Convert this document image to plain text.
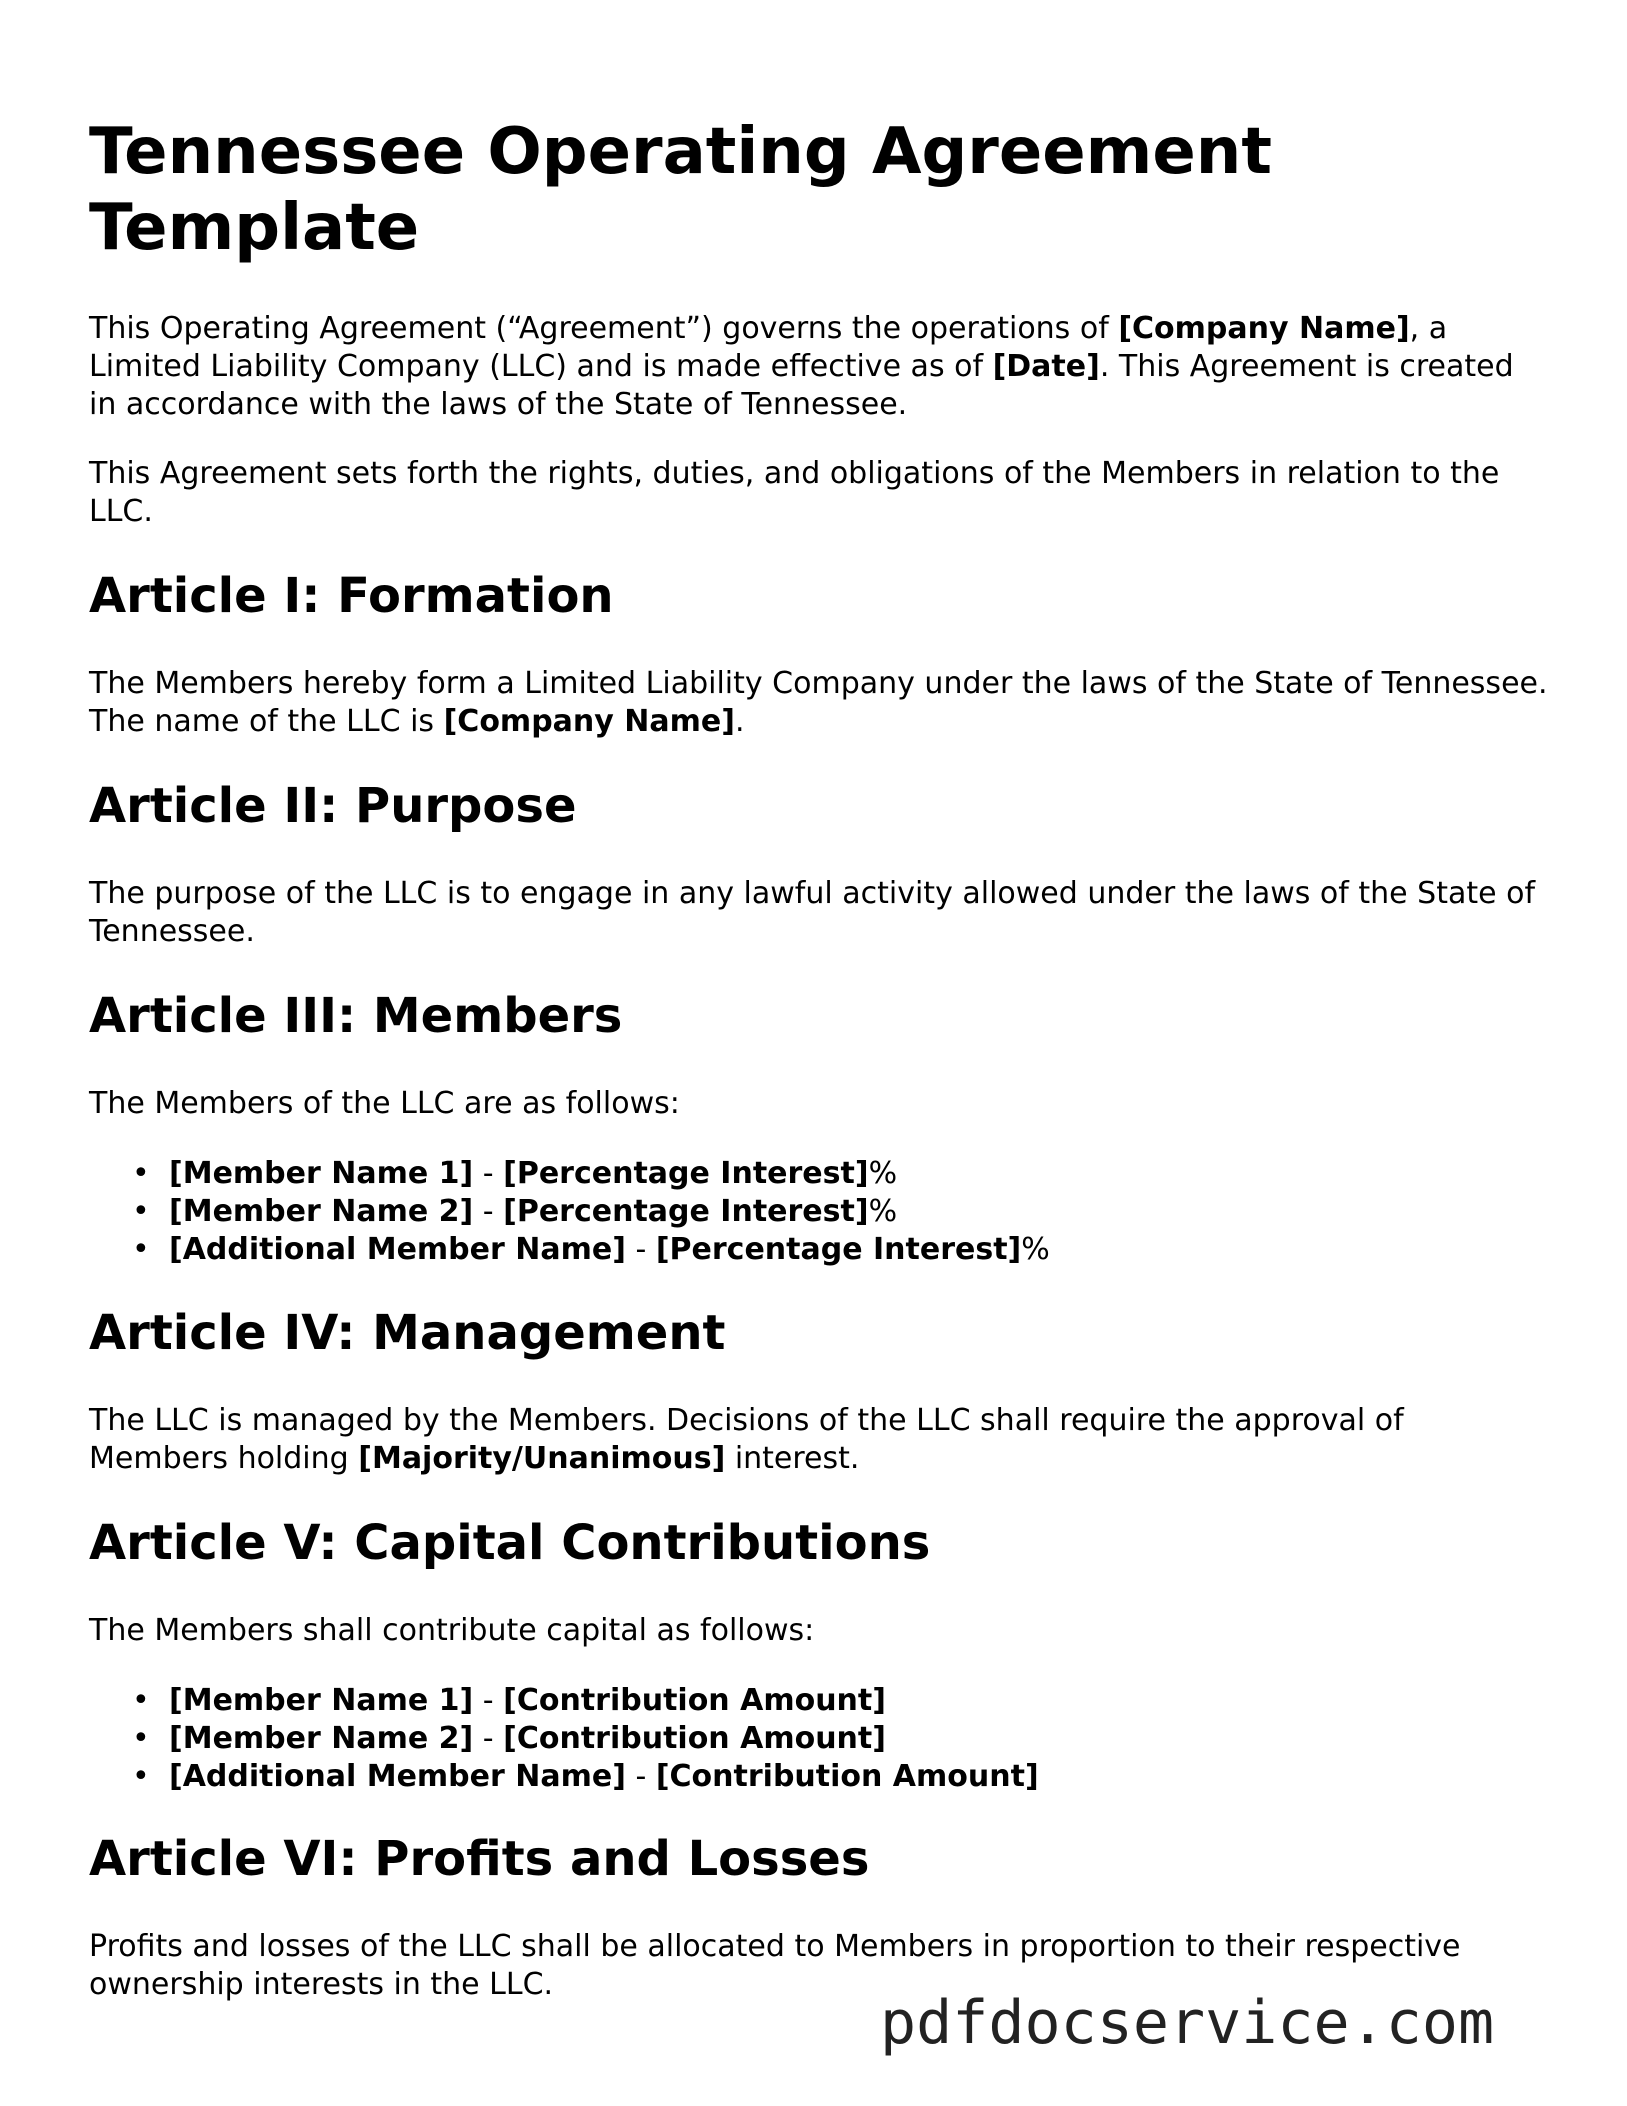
Tennessee Operating Agreement Template

This Operating Agreement (“Agreement”) governs the operations of [Company Name], a Limited Liability Company (LLC) and is made effective as of [Date]. This Agreement is created in accordance with the laws of the State of Tennessee.

This Agreement sets forth the rights, duties, and obligations of the Members in relation to the LLC.

Article I: Formation

The Members hereby form a Limited Liability Company under the laws of the State of Tennessee. The name of the LLC is [Company Name].

Article II: Purpose

The purpose of the LLC is to engage in any lawful activity allowed under the laws of the State of Tennessee.

Article III: Members

The Members of the LLC are as follows:

• [Member Name 1] - [Percentage Interest]%
• [Member Name 2] - [Percentage Interest]%
• [Additional Member Name] - [Percentage Interest]%
Article IV: Management

The LLC is managed by the Members. Decisions of the LLC shall require the approval of Members holding [Majority/Unanimous] interest.

Article V: Capital Contributions

The Members shall contribute capital as follows:

• [Member Name 1] - [Contribution Amount]
• [Member Name 2] - [Contribution Amount]
• [Additional Member Name] - [Contribution Amount]
Article VI: Profits and Losses

Profits and losses of the LLC shall be allocated to Members in proportion to their respective ownership interests in the LLC.

pdfdocservice.com
